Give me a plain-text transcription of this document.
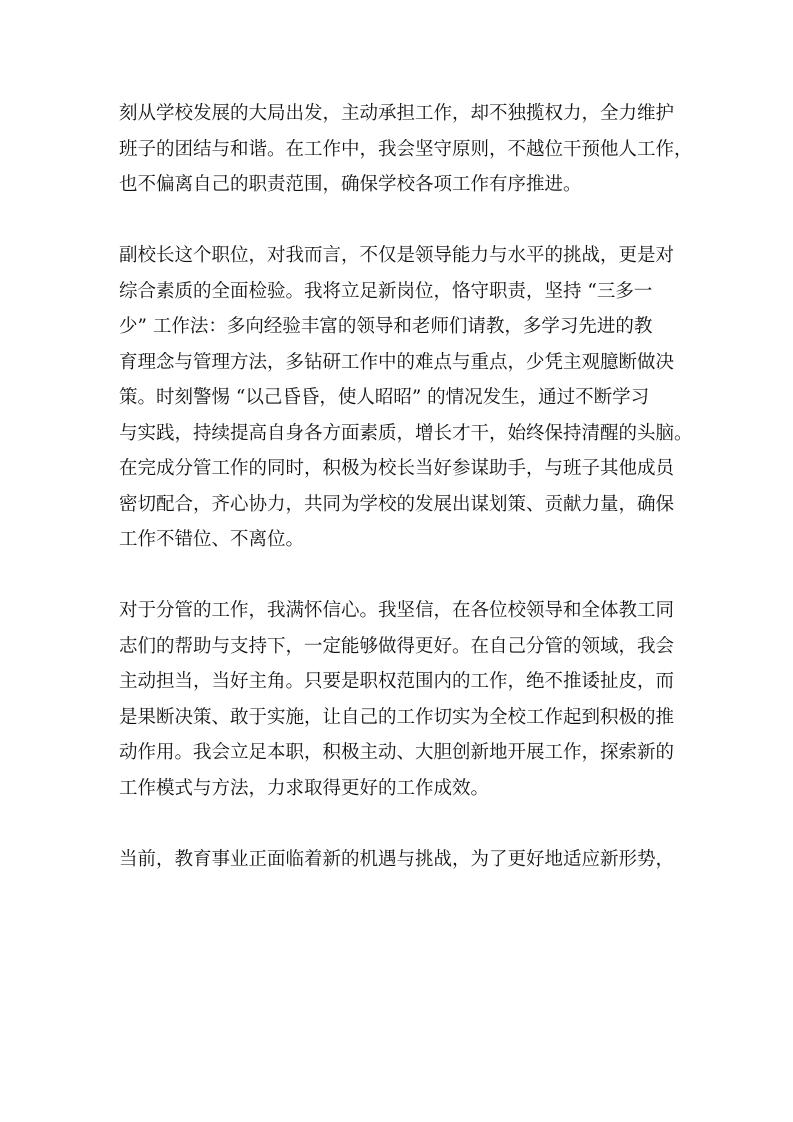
刻从学校发展的大局出发，主动承担工作，却不独揽权力，全力维护
班子的团结与和谐。在工作中，我会坚守原则，不越位干预他人工作，
也不偏离自己的职责范围，确保学校各项工作有序推进。

副校长这个职位，对我而言，不仅是领导能力与水平的挑战，更是对
综合素质的全面检验。我将立足新岗位，恪守职责，坚持 “三多一
少” 工作法：多向经验丰富的领导和老师们请教，多学习先进的教
育理念与管理方法，多钻研工作中的难点与重点，少凭主观臆断做决
策。时刻警惕 “以己昏昏，使人昭昭” 的情况发生，通过不断学习
与实践，持续提高自身各方面素质，增长才干，始终保持清醒的头脑。
在完成分管工作的同时，积极为校长当好参谋助手，与班子其他成员
密切配合，齐心协力，共同为学校的发展出谋划策、贡献力量，确保
工作不错位、不离位。

对于分管的工作，我满怀信心。我坚信，在各位校领导和全体教工同
志们的帮助与支持下，一定能够做得更好。在自己分管的领域，我会
主动担当，当好主角。只要是职权范围内的工作，绝不推诿扯皮，而
是果断决策、敢于实施，让自己的工作切实为全校工作起到积极的推
动作用。我会立足本职，积极主动、大胆创新地开展工作，探索新的
工作模式与方法，力求取得更好的工作成效。

当前，教育事业正面临着新的机遇与挑战，为了更好地适应新形势，
